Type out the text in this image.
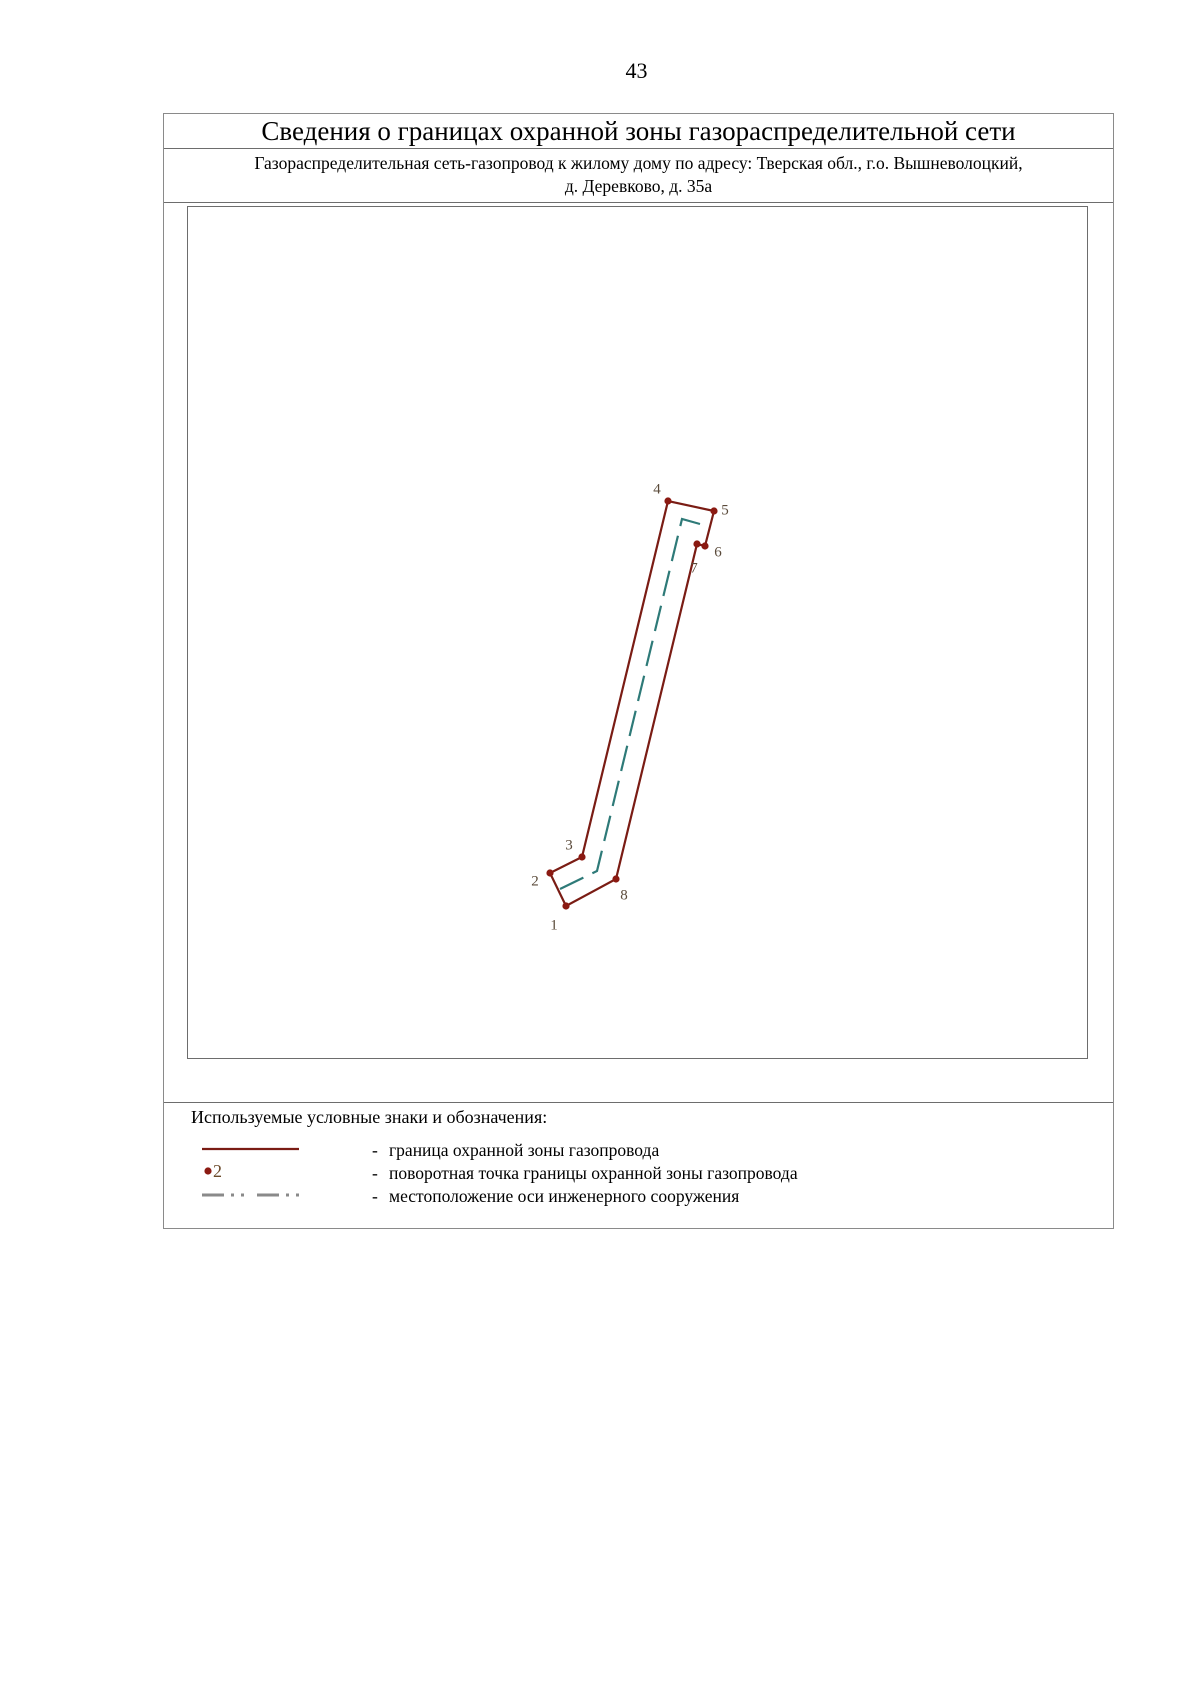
43
Сведения о границах охранной зоны газораспределительной сети
Газораспределительная сеть-газопровод к жилому дому по адресу: Тверская обл., г.о. Вышневолоцкий,
д. Деревково, д. 35а
1
2
3
4
5
6
7
8
Используемые условные знаки и обозначения:
- граница охранной зоны газопровода
2	- поворотная точка границы охранной зоны газопровода
- местоположение оси инженерного сооружения
